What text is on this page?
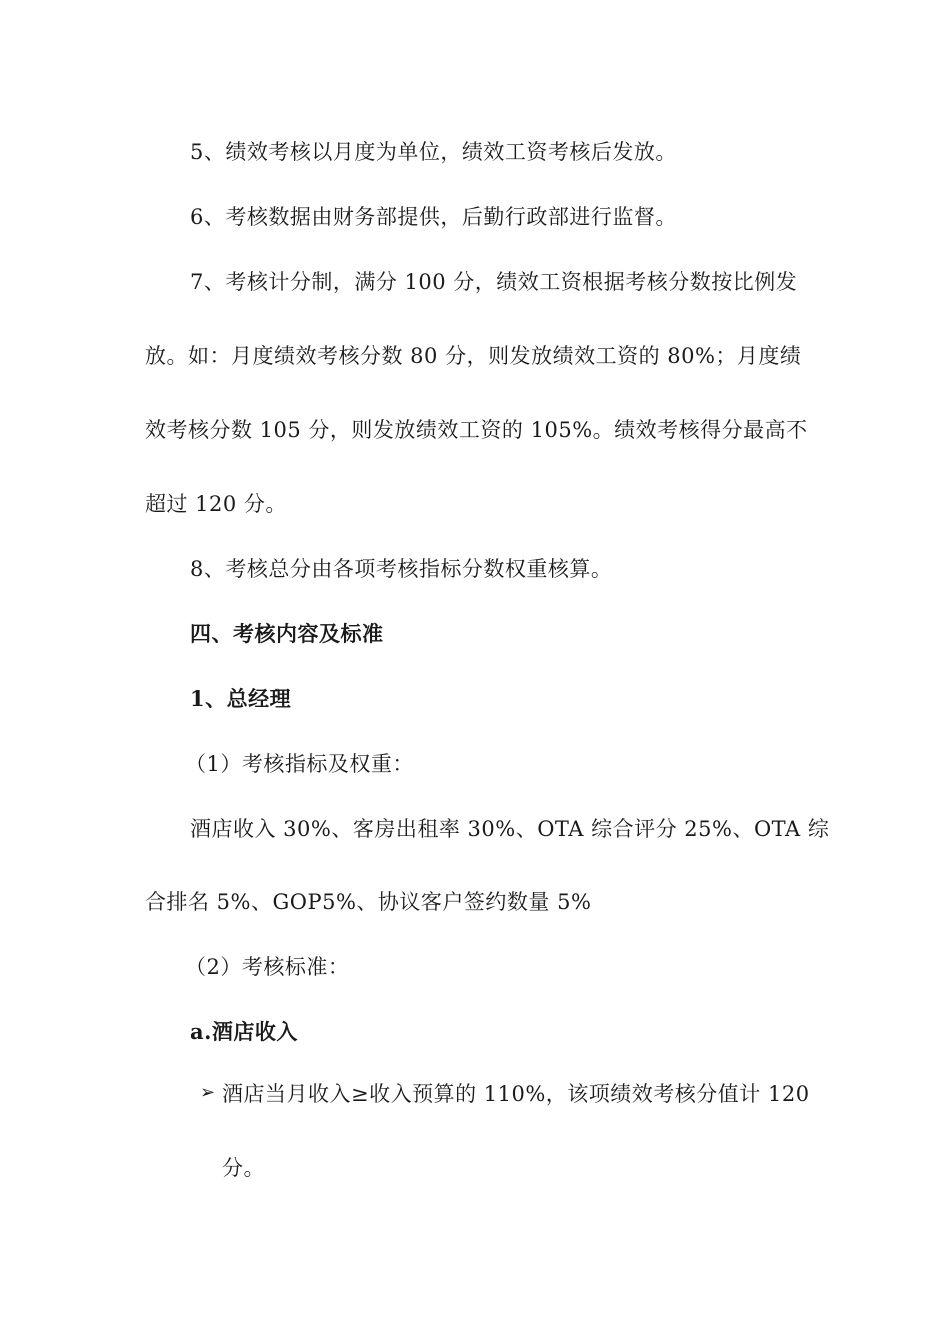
5、绩效考核以月度为单位，绩效工资考核后发放。
6、考核数据由财务部提供，后勤行政部进行监督。
7、考核计分制，满分 100 分，绩效工资根据考核分数按比例发
放。如：月度绩效考核分数 80 分，则发放绩效工资的 80%；月度绩
效考核分数 105 分，则发放绩效工资的 105%。绩效考核得分最高不
超过 120 分。
8、考核总分由各项考核指标分数权重核算。
四、考核内容及标准
1、总经理
（1）考核指标及权重：
酒店收入 30%、客房出租率 30%、OTA 综合评分 25%、OTA 综
合排名 5%、GOP5%、协议客户签约数量 5%
（2）考核标准：
a.酒店收入
➢ 酒店当月收入≥收入预算的 110%，该项绩效考核分值计 120
分。
